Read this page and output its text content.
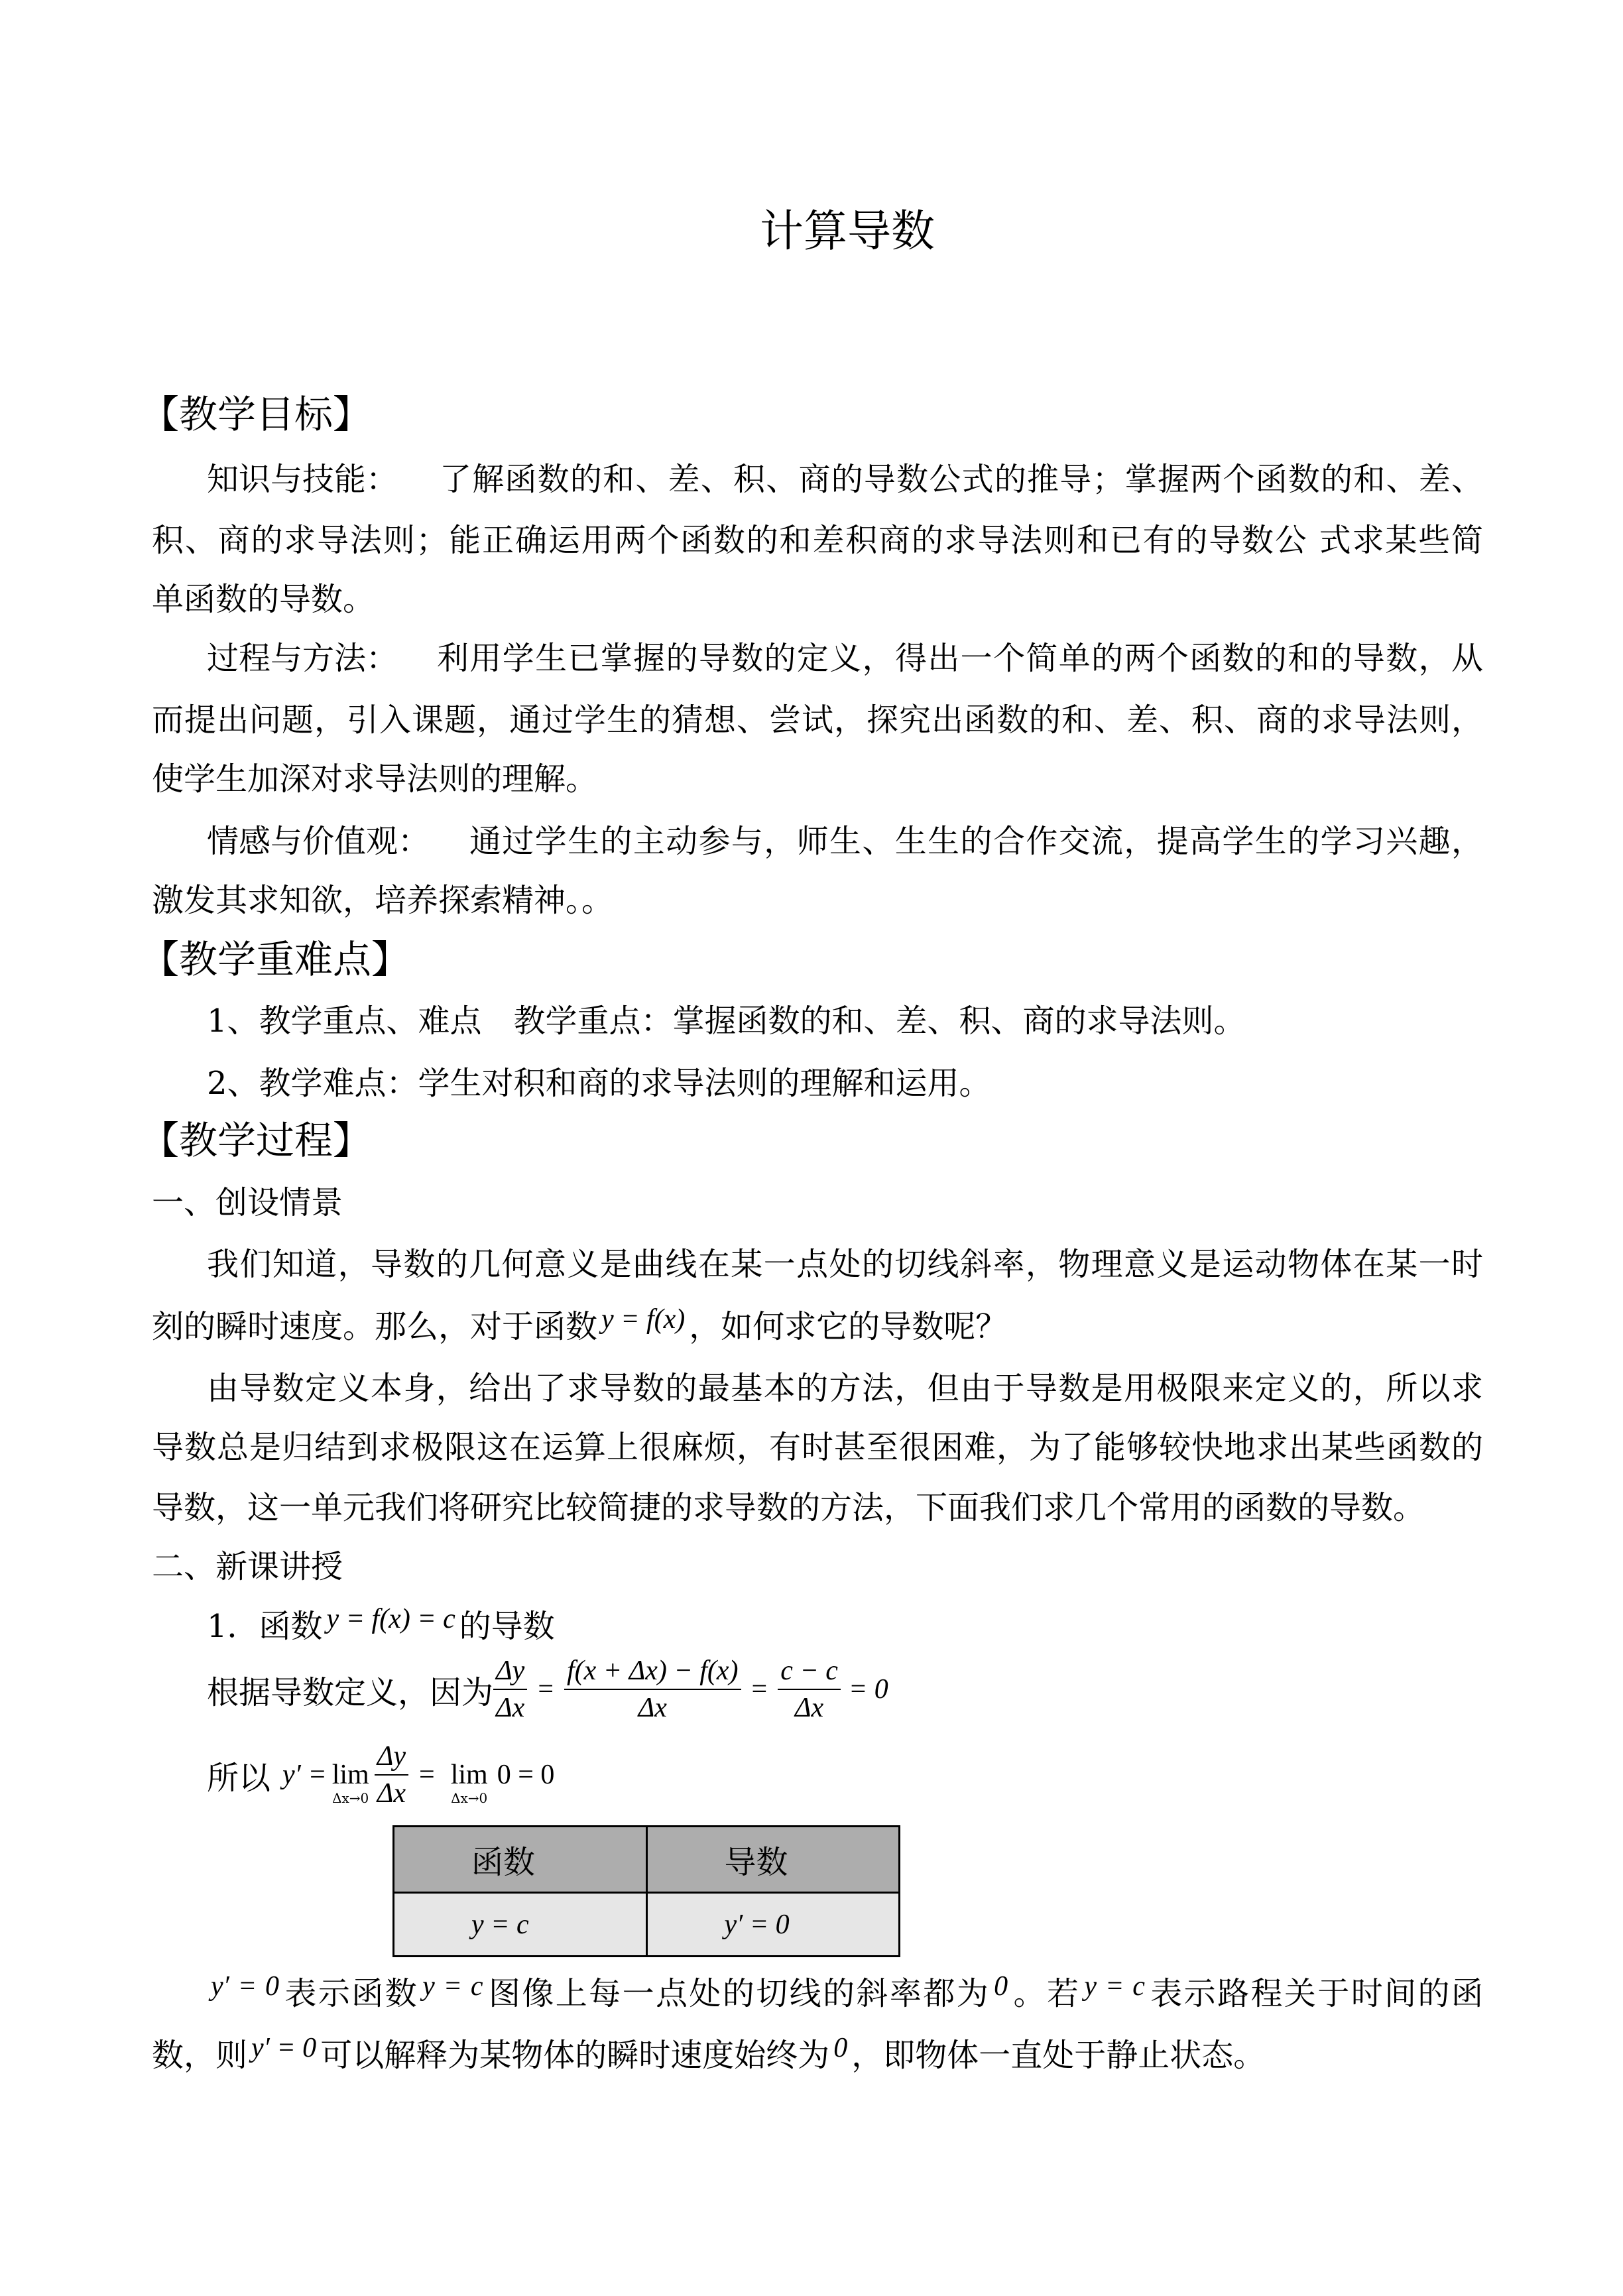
计算导数
【教学目标】
知识与技能： 了解函数的和、差、积、商的导数公式的推导；掌握两个函数的和、差、
积、商的求导法则；能正确运用两个函数的和差积商的求导法则和已有的导数公 式求某些简
单函数的导数。
过程与方法： 利用学生已掌握的导数的定义，得出一个简单的两个函数的和的导数，从
而提出问题，引入课题，通过学生的猜想、尝试，探究出函数的和、差、积、商的求导法则，
使学生加深对求导法则的理解。
情感与价值观： 通过学生的主动参与，师生、生生的合作交流，提高学生的学习兴趣，
激发其求知欲，培养探索精神。。
【教学重难点】
1、教学重点、难点　教学重点：掌握函数的和、差、积、商的求导法则。
2、教学难点：学生对积和商的求导法则的理解和运用。
【教学过程】
一、创设情景
我们知道，导数的几何意义是曲线在某一点处的切线斜率，物理意义是运动物体在某一时
刻的瞬时速度。那么，对于函数 y = f(x) ，如何求它的导数呢？
由导数定义本身，给出了求导数的最基本的方法，但由于导数是用极限来定义的，所以求
导数总是归结到求极限这在运算上很麻烦，有时甚至很困难，为了能够较快地求出某些函数的
导数，这一单元我们将研究比较简捷的求导数的方法，下面我们求几个常用的函数的导数。
二、新课讲授
1．函数 y = f(x) = c 的导数
根据导数定义，因为 $\frac{\Delta y}{\Delta x} = \frac{f(x + \Delta x) - f(x)}{\Delta x} = \frac{c - c}{\Delta x} = 0$
所以 y′ = lim
$\Delta x\to 0 \frac{\Delta y}{\Delta x} = \lim$
Δx→0
0 = 0
函数	导数
y = c	y′ = 0
y′ = 0 表示函数 y = c 图像上每一点处的切线的斜率都为 0 。若 y = c 表示路程关于时间的函
数，则 y′ = 0 可以解释为某物体的瞬时速度始终为 0 ，即物体一直处于静止状态。
